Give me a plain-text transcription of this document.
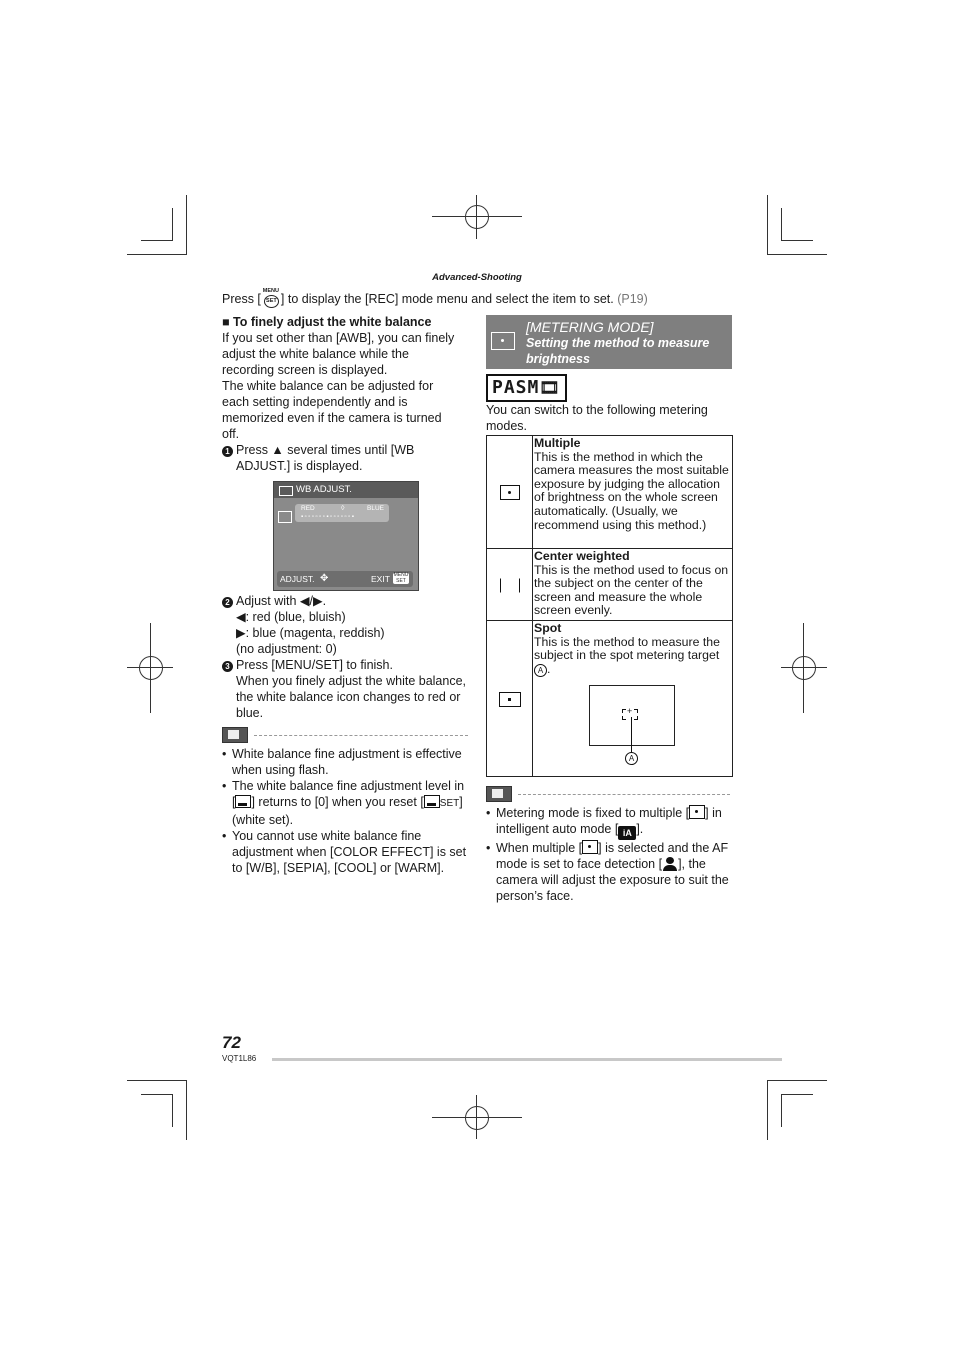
Advanced-Shooting
Press [
MENU
SET ] to display the [REC] mode menu and select the item to set. (P19)

■ To finely adjust the white balance

If you set other than [AWB], you can finely adjust the white balance while the recording screen is displayed.

The white balance can be adjusted for each setting independently and is memorized even if the camera is turned off.

1 Press ▲ several times until [WB ADJUST.] is displayed.
WB ADJUST.
RED	BLUE
◊
▪▫▫▫▫▫▫▪▫▫▫▫▫▫▪
ADJUST. ✥	EXIT MENU
SET
2 Adjust with ◀/▶.
◀: red (blue, bluish)
▶: blue (magenta, reddish)
(no adjustment: 0)
3 Press [MENU/SET] to finish.
When you finely adjust the white balance, the white balance icon changes to red or blue.
• White balance fine adjustment is effective when using flash.
• The white balance fine adjustment level in [ ] returns to [0] when you reset [ SET] (white set).
• You cannot use white balance fine adjustment when [COLOR EFFECT] is set to [W/B], [SEPIA], [COOL] or [WARM].
[METERING MODE]
Setting the method to measure brightness
PASM🎞
You can switch to the following metering modes.

	Multiple
This is the method in which the camera measures the most suitable exposure by judging the allocation of brightness on the whole screen automatically. (Usually, we recommend using this method.)

	Center weighted
This is the method used to focus on the subject on the center of the screen and measure the whole screen evenly.

	Spot
This is the method to measure the subject in the spot metering target A .
+
A
• Metering mode is fixed to multiple [ ] in intelligent auto mode [ iA ].
• When multiple [ ] is selected and the AF mode is set to face detection [ ], the camera will adjust the exposure to suit the person’s face.
72
VQT1L86
